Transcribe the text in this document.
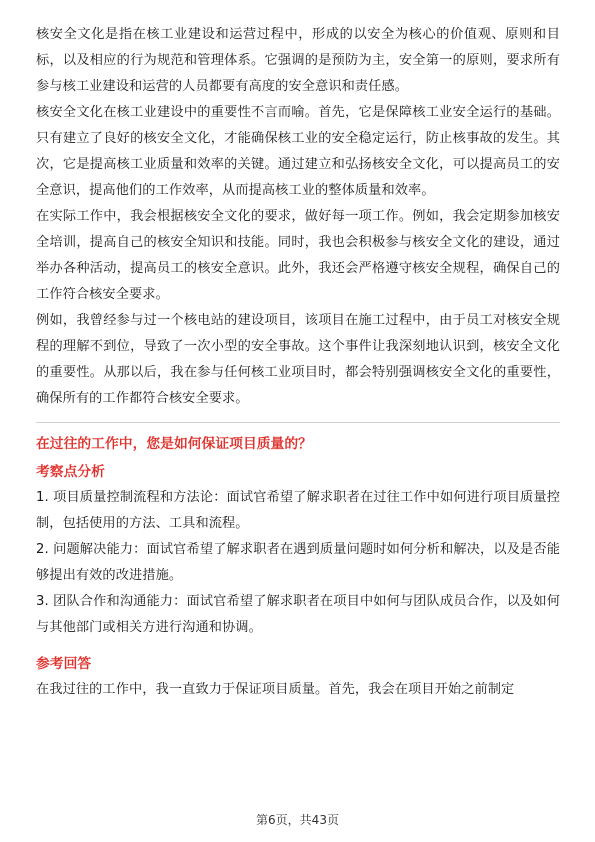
核安全文化是指在核工业建设和运营过程中，形成的以安全为核心的价值观、原则和目标，以及相应的行为规范和管理体系。它强调的是预防为主，安全第一的原则，要求所有参与核工业建设和运营的人员都要有高度的安全意识和责任感。

核安全文化在核工业建设中的重要性不言而喻。首先，它是保障核工业安全运行的基础。只有建立了良好的核安全文化，才能确保核工业的安全稳定运行，防止核事故的发生。其次，它是提高核工业质量和效率的关键。通过建立和弘扬核安全文化，可以提高员工的安全意识，提高他们的工作效率，从而提高核工业的整体质量和效率。

在实际工作中，我会根据核安全文化的要求，做好每一项工作。例如，我会定期参加核安全培训，提高自己的核安全知识和技能。同时，我也会积极参与核安全文化的建设，通过举办各种活动，提高员工的核安全意识。此外，我还会严格遵守核安全规程，确保自己的工作符合核安全要求。

例如，我曾经参与过一个核电站的建设项目，该项目在施工过程中，由于员工对核安全规程的理解不到位，导致了一次小型的安全事故。这个事件让我深刻地认识到，核安全文化的重要性。从那以后，我在参与任何核工业项目时，都会特别强调核安全文化的重要性，确保所有的工作都符合核安全要求。

在过往的工作中，您是如何保证项目质量的？

考察点分析

1. 项目质量控制流程和方法论：面试官希望了解求职者在过往工作中如何进行项目质量控制，包括使用的方法、工具和流程。

2. 问题解决能力：面试官希望了解求职者在遇到质量问题时如何分析和解决，以及是否能够提出有效的改进措施。

3. 团队合作和沟通能力：面试官希望了解求职者在项目中如何与团队成员合作，以及如何与其他部门或相关方进行沟通和协调。

参考回答

在我过往的工作中，我一直致力于保证项目质量。首先，我会在项目开始之前制定

第6页，共43页
